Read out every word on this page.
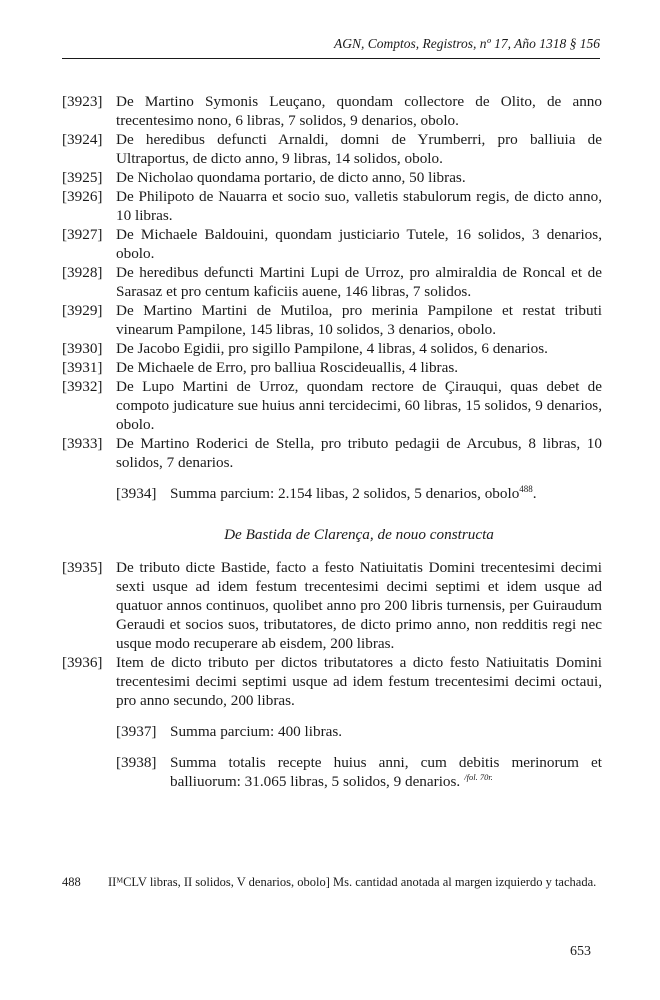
AGN, Comptos, Registros, nº 17, Año 1318 § 156
[3923] De Martino Symonis Leuçano, quondam collectore de Olito, de anno trecentesimo nono, 6 libras, 7 solidos, 9 denarios, obolo.
[3924] De heredibus defuncti Arnaldi, domni de Yrumberri, pro balliuia de Ultraportus, de dicto anno, 9 libras, 14 solidos, obolo.
[3925] De Nicholao quondama portario, de dicto anno, 50 libras.
[3926] De Philipoto de Nauarra et socio suo, valletis stabulorum regis, de dicto anno, 10 libras.
[3927] De Michaele Baldouini, quondam justiciario Tutele, 16 solidos, 3 denarios, obolo.
[3928] De heredibus defuncti Martini Lupi de Urroz, pro almiraldia de Roncal et de Sarasaz et pro centum kaficiis auene, 146 libras, 7 solidos.
[3929] De Martino Martini de Mutiloa, pro merinia Pampilone et restat tributi vinearum Pampilone, 145 libras, 10 solidos, 3 denarios, obolo.
[3930] De Jacobo Egidii, pro sigillo Pampilone, 4 libras, 4 solidos, 6 denarios.
[3931] De Michaele de Erro, pro balliua Roscideuallis, 4 libras.
[3932] De Lupo Martini de Urroz, quondam rectore de Çirauqui, quas debet de compoto judicature sue huius anni tercidecimi, 60 libras, 15 solidos, 9 denarios, obolo.
[3933] De Martino Roderici de Stella, pro tributo pedagii de Arcubus, 8 libras, 10 solidos, 7 denarios.
[3934] Summa parcium: 2.154 libas, 2 solidos, 5 denarios, obolo$^{488}$.
De Bastida de Clarença, de nouo constructa
[3935] De tributo dicte Bastide, facto a festo Natiuitatis Domini trecentesimi decimi sexti usque ad idem festum trecentesimi decimi septimi et idem usque ad quatuor annos continuos, quolibet anno pro 200 libris turnensis, per Guiraudum Geraudi et socios suos, tributatores, de dicto primo anno, non redditis regi nec usque modo recuperare ab eisdem, 200 libras.
[3936] Item de dicto tributo per dictos tributatores a dicto festo Natiuitatis Domini trecentesimi decimi septimi usque ad idem festum trecentesimi decimi octaui, pro anno secundo, 200 libras.
[3937] Summa parcium: 400 libras.
[3938] Summa totalis recepte huius anni, cum debitis merinorum et balliuorum: 31.065 libras, 5 solidos, 9 denarios. $^{/fol. 70r.}$
488	IIᴹCLV libras, II solidos, V denarios, obolo] Ms. cantidad anotada al margen izquierdo y tachada.
653
